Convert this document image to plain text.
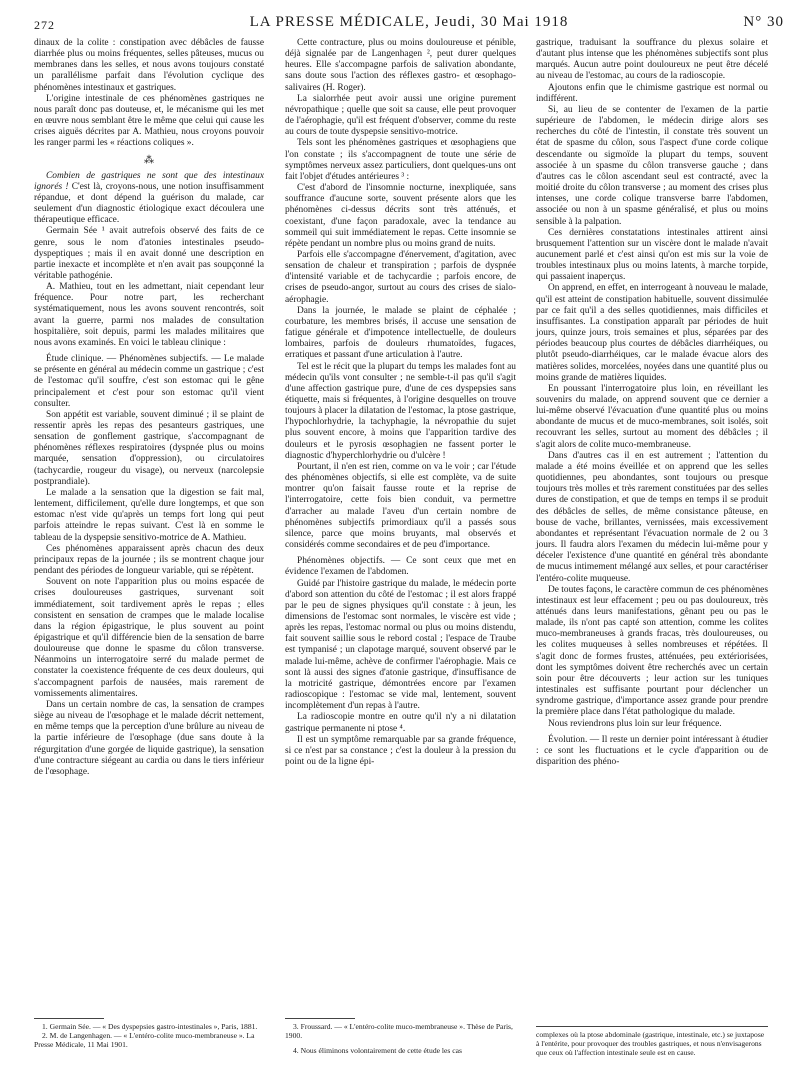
272	LA PRESSE MÉDICALE, Jeudi, 30 Mai 1918	N° 30

dinaux de la colite : constipation avec débâcles de fausse diarrhée plus ou moins fréquentes, selles pâteuses, mucus ou membranes dans les selles, et nous avons toujours constaté un parallélisme parfait dans l'évolution cyclique des phénomènes intestinaux et gastriques.

L'origine intestinale de ces phénomènes gastriques ne nous paraît donc pas douteuse, et, le mécanisme qui les met en œuvre nous semblant être le même que celui qui cause les crises aiguës décrites par A. Mathieu, nous croyons pouvoir les ranger parmi les « réactions coliques ».

⁂

Combien de gastriques ne sont que des intestinaux ignorés ! C'est là, croyons-nous, une notion insuffisamment répandue, et dont dépend la guérison du malade, car seulement d'un diagnostic étiologique exact découlera une thérapeutique efficace.

Germain Sée ¹ avait autrefois observé des faits de ce genre, sous le nom d'atonies intestinales pseudo-dyspeptiques ; mais il en avait donné une description en partie inexacte et incomplète et n'en avait pas soupçonné la véritable pathogénie.

A. Mathieu, tout en les admettant, niait cependant leur fréquence. Pour notre part, les recherchant systématiquement, nous les avons souvent rencontrés, soit avant la guerre, parmi nos malades de consultation hospitalière, soit depuis, parmi les malades militaires que nous avons examinés. En voici le tableau clinique :

Étude clinique. — Phénomènes subjectifs. — Le malade se présente en général au médecin comme un gastrique ; c'est de l'estomac qu'il souffre, c'est son estomac qui le gêne principalement et c'est pour son estomac qu'il vient consulter.

Son appétit est variable, souvent diminué ; il se plaint de ressentir après les repas des pesanteurs gastriques, une sensation de gonflement gastrique, s'accompagnant de phénomènes réflexes respiratoires (dyspnée plus ou moins marquée, sensation d'oppression), ou circulatoires (tachycardie, rougeur du visage), ou nerveux (narcolepsie postprandiale).

Le malade a la sensation que la digestion se fait mal, lentement, difficilement, qu'elle dure longtemps, et que son estomac n'est vide qu'après un temps fort long qui peut parfois atteindre le repas suivant. C'est là en somme le tableau de la dyspepsie sensitivo-motrice de A. Mathieu.

Ces phénomènes apparaissent après chacun des deux principaux repas de la journée ; ils se montrent chaque jour pendant des périodes de longueur variable, qui se répètent.

Souvent on note l'apparition plus ou moins espacée de crises douloureuses gastriques, survenant soit immédiatement, soit tardivement après le repas ; elles consistent en sensation de crampes que le malade localise dans la région épigastrique, le plus souvent au point épigastrique et qu'il différencie bien de la sensation de barre douloureuse que donne le spasme du côlon transverse. Néanmoins un interrogatoire serré du malade permet de constater la coexistence fréquente de ces deux douleurs, qui s'accompagnent parfois de nausées, mais rarement de vomissements alimentaires.

Dans un certain nombre de cas, la sensation de crampes siège au niveau de l'œsophage et le malade décrit nettement, en même temps que la perception d'une brûlure au niveau de la partie inférieure de l'œsophage (due sans doute à la régurgitation d'une gorgée de liquide gastrique), la sensation d'une contracture siégeant au cardia ou dans le tiers inférieur de l'œsophage.

1. Germain Sée. — « Des dyspepsies gastro-intestinales », Paris, 1881.
2. M. de Langenhagen. — « L'entéro-colite muco-membraneuse ». La Presse Médicale, 11 Mai 1901.

Cette contracture, plus ou moins douloureuse et pénible, déjà signalée par de Langenhagen ², peut durer quelques heures. Elle s'accompagne parfois de salivation abondante, sans doute sous l'action des réflexes gastro- et œsophago-salivaires (H. Roger).

La sialorrhée peut avoir aussi une origine purement névropathique ; quelle que soit sa cause, elle peut provoquer de l'aérophagie, qu'il est fréquent d'observer, comme du reste au cours de toute dyspepsie sensitivo-motrice.

Tels sont les phénomènes gastriques et œsophagiens que l'on constate ; ils s'accompagnent de toute une série de symptômes nerveux assez particuliers, dont quelques-uns ont fait l'objet d'études antérieures ³ :

C'est d'abord de l'insomnie nocturne, inexpliquée, sans souffrance d'aucune sorte, souvent présente alors que les phénomènes ci-dessus décrits sont très atténués, et coexistant, d'une façon paradoxale, avec la tendance au sommeil qui suit immédiatement le repas. Cette insomnie se répète pendant un nombre plus ou moins grand de nuits.

Parfois elle s'accompagne d'énervement, d'agitation, avec sensation de chaleur et transpiration ; parfois de dyspnée d'intensité variable et de tachycardie ; parfois encore, de crises de pseudo-angor, surtout au cours des crises de sialo-aérophagie.

Dans la journée, le malade se plaint de céphalée ; courbature, les membres brisés, il accuse une sensation de fatigue générale et d'impotence intellectuelle, de douleurs lombaires, parfois de douleurs rhumatoïdes, fugaces, erratiques et passant d'une articulation à l'autre.

Tel est le récit que la plupart du temps les malades font au médecin qu'ils vont consulter ; ne semble-t-il pas qu'il s'agit d'une affection gastrique pure, d'une de ces dyspepsies sans étiquette, mais si fréquentes, à l'origine desquelles on trouve toujours à placer la dilatation de l'estomac, la ptose gastrique, l'hypochlorhydrie, la tachyphagie, la névropathie du sujet plus souvent encore, à moins que l'apparition tardive des douleurs et le pyrosis œsophagien ne fassent porter le diagnostic d'hyperchlorhydrie ou d'ulcère !

Pourtant, il n'en est rien, comme on va le voir ; car l'étude des phénomènes objectifs, si elle est complète, va de suite montrer qu'on faisait fausse route et la reprise de l'interrogatoire, cette fois bien conduit, va permettre d'arracher au malade l'aveu d'un certain nombre de phénomènes subjectifs primordiaux qu'il a passés sous silence, parce que moins bruyants, mal observés et considérés comme secondaires et de peu d'importance.

Phénomènes objectifs. — Ce sont ceux que met en évidence l'examen de l'abdomen.

Guidé par l'histoire gastrique du malade, le médecin porte d'abord son attention du côté de l'estomac ; il est alors frappé par le peu de signes physiques qu'il constate : à jeun, les dimensions de l'estomac sont normales, le viscère est vide ; après les repas, l'estomac normal ou plus ou moins distendu, fait souvent saillie sous le rebord costal ; l'espace de Traube est tympanisé ; un clapotage marqué, souvent observé par le malade lui-même, achève de confirmer l'aérophagie. Mais ce sont là aussi des signes d'atonie gastrique, d'insuffisance de la motricité gastrique, démontrées encore par l'examen radioscopique : l'estomac se vide mal, lentement, souvent incomplètement d'un repas à l'autre.

La radioscopie montre en outre qu'il n'y a ni dilatation gastrique permanente ni ptose ⁴.

Il est un symptôme remarquable par sa grande fréquence, si ce n'est par sa constance ; c'est la douleur à la pression du point ou de la ligne épi-

3. Froussard. — « L'entéro-colite muco-membraneuse ». Thèse de Paris, 1900.
4. Nous éliminons volontairement de cette étude les cas

gastrique, traduisant la souffrance du plexus solaire et d'autant plus intense que les phénomènes subjectifs sont plus marqués. Aucun autre point douloureux ne peut être décelé au niveau de l'estomac, au cours de la radioscopie.

Ajoutons enfin que le chimisme gastrique est normal ou indifférent.

Si, au lieu de se contenter de l'examen de la partie supérieure de l'abdomen, le médecin dirige alors ses recherches du côté de l'intestin, il constate très souvent un état de spasme du côlon, sous l'aspect d'une corde colique descendante ou sigmoïde la plupart du temps, souvent associée à un spasme du côlon transverse gauche ; dans d'autres cas le côlon ascendant seul est contracté, avec la moitié droite du côlon transverse ; au moment des crises plus intenses, une corde colique transverse barre l'abdomen, associée ou non à un spasme généralisé, et plus ou moins sensible à la palpation.

Ces dernières constatations intestinales attirent ainsi brusquement l'attention sur un viscère dont le malade n'avait aucunement parlé et c'est ainsi qu'on est mis sur la voie de troubles intestinaux plus ou moins latents, à marche torpide, qui passaient inaperçus.

On apprend, en effet, en interrogeant à nouveau le malade, qu'il est atteint de constipation habituelle, souvent dissimulée par ce fait qu'il a des selles quotidiennes, mais difficiles et insuffisantes. La constipation apparaît par périodes de huit jours, quinze jours, trois semaines et plus, séparées par des périodes beaucoup plus courtes de débâcles diarrhéiques, ou plutôt pseudo-diarrhéiques, car le malade évacue alors des matières solides, morcelées, noyées dans une quantité plus ou moins grande de matières liquides.

En poussant l'interrogatoire plus loin, en réveillant les souvenirs du malade, on apprend souvent que ce dernier a lui-même observé l'évacuation d'une quantité plus ou moins abondante de mucus et de muco-membranes, soit isolés, soit recouvrant les selles, surtout au moment des débâcles ; il s'agit alors de colite muco-membraneuse.

Dans d'autres cas il en est autrement ; l'attention du malade a été moins éveillée et on apprend que les selles quotidiennes, peu abondantes, sont toujours ou presque toujours très molles et très rarement constituées par des selles dures de constipation, et que de temps en temps il se produit des débâcles de selles, de même consistance pâteuse, en bouse de vache, brillantes, vernissées, mais excessivement abondantes et représentant l'évacuation normale de 2 ou 3 jours. Il faudra alors l'examen du médecin lui-même pour y déceler l'existence d'une quantité en général très abondante de mucus intimement mélangé aux selles, et pour caractériser l'entéro-colite muqueuse.

De toutes façons, le caractère commun de ces phénomènes intestinaux est leur effacement ; peu ou pas douloureux, très atténués dans leurs manifestations, gênant peu ou pas le malade, ils n'ont pas capté son attention, comme les colites muco-membraneuses à grands fracas, très douloureuses, ou les colites muqueuses à selles nombreuses et répétées. Il s'agit donc de formes frustes, atténuées, peu extériorisées, dont les symptômes doivent être recherchés avec un certain soin pour être découverts ; leur action sur les tuniques intestinales est suffisante pourtant pour déclencher un syndrome gastrique, d'importance assez grande pour prendre la première place dans l'état pathologique du malade.

Nous reviendrons plus loin sur leur fréquence.

Évolution. — Il reste un dernier point intéressant à étudier : ce sont les fluctuations et le cycle d'apparition ou de disparition des phéno-

complexes où la ptose abdominale (gastrique, intestinale, etc.) se juxtapose à l'entérite, pour provoquer des troubles gastriques, et nous n'envisagerons que ceux où l'affection intestinale seule est en cause.
